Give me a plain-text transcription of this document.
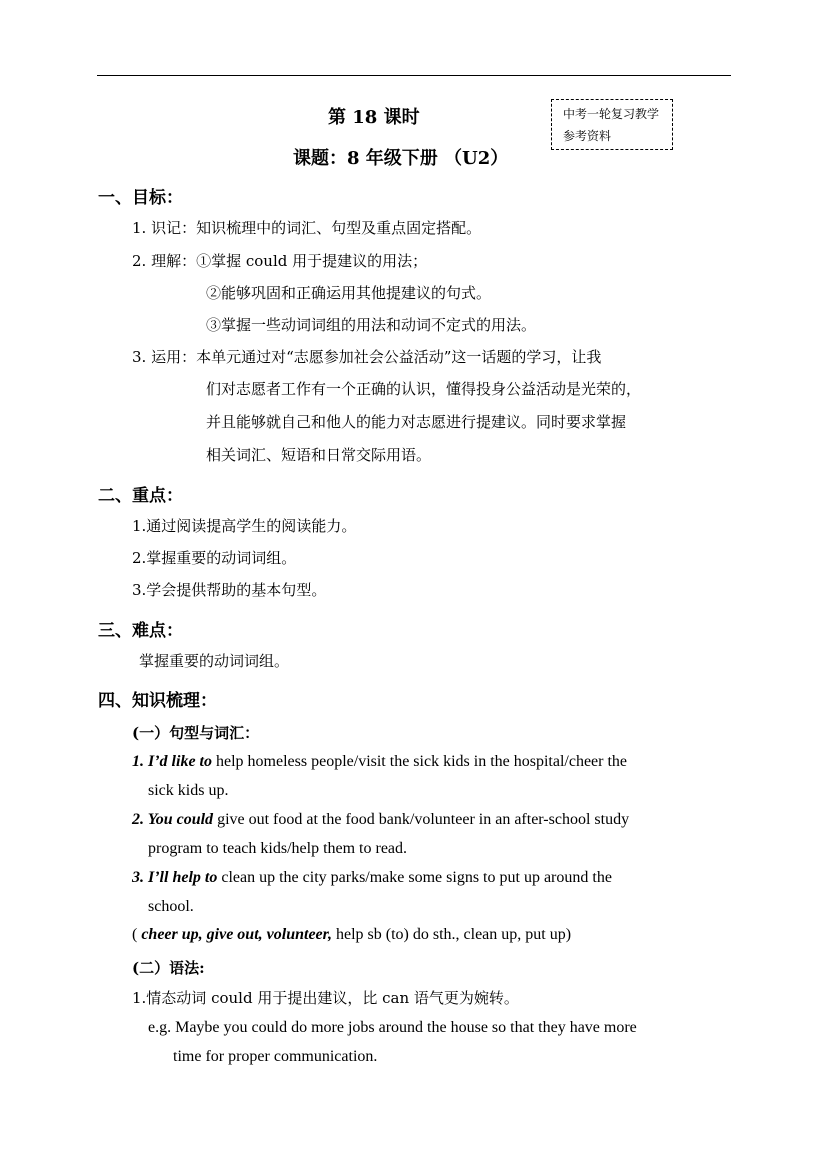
第 18 课时
课题：8 年级下册 （U2）
中考一轮复习教学
参考资料
一、目标：
1. 识记：知识梳理中的词汇、句型及重点固定搭配。
2. 理解：①掌握 could 用于提建议的用法；
②能够巩固和正确运用其他提建议的句式。
③掌握一些动词词组的用法和动词不定式的用法。
3. 运用：本单元通过对“志愿参加社会公益活动”这一话题的学习，让我
们对志愿者工作有一个正确的认识，懂得投身公益活动是光荣的，
并且能够就自己和他人的能力对志愿进行提建议。同时要求掌握
相关词汇、短语和日常交际用语。
二、重点：
1.通过阅读提高学生的阅读能力。
2.掌握重要的动词词组。
3.学会提供帮助的基本句型。
三、难点：
掌握重要的动词词组。
四、知识梳理：
(一）句型与词汇：
1. I’d like to help homeless people/visit the sick kids in the hospital/cheer the
sick kids up.
2. You could give out food at the food bank/volunteer in an after-school study
program to teach kids/help them to read.
3. I’ll help to clean up the city parks/make some signs to put up around the
school.
( cheer up, give out, volunteer, help sb (to) do sth., clean up, put up)
(二）语法:
1.情态动词 could 用于提出建议，比 can 语气更为婉转。
e.g. Maybe you could do more jobs around the house so that they have more
time for proper communication.
